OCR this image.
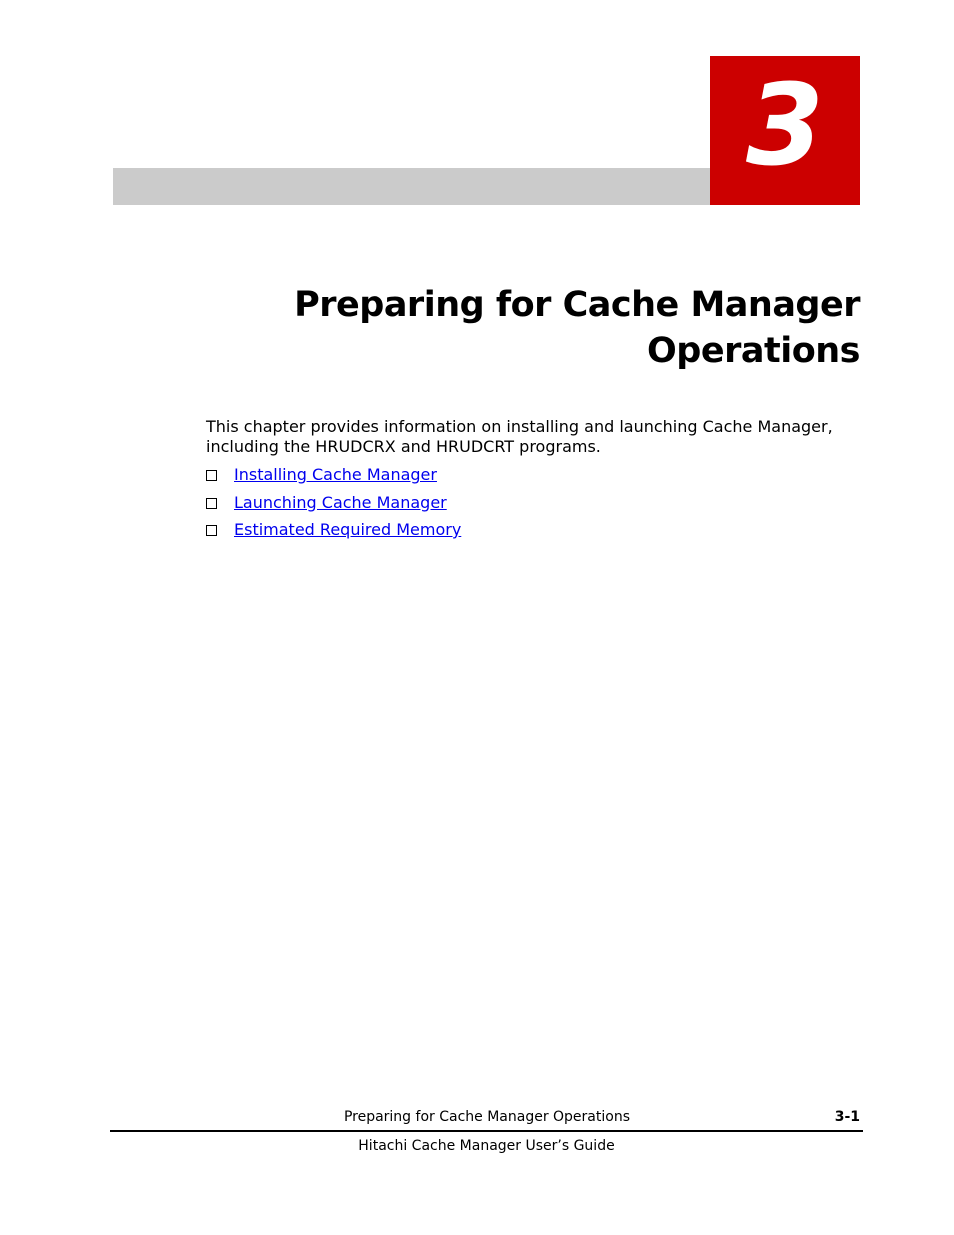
3
Preparing for Cache Manager
Operations

This chapter provides information on installing and launching Cache Manager, including the HRUDCRX and HRUDCRT programs.

Installing Cache Manager
Launching Cache Manager
Estimated Required Memory
Preparing for Cache Manager Operations	3-1
Hitachi Cache Manager User’s Guide
